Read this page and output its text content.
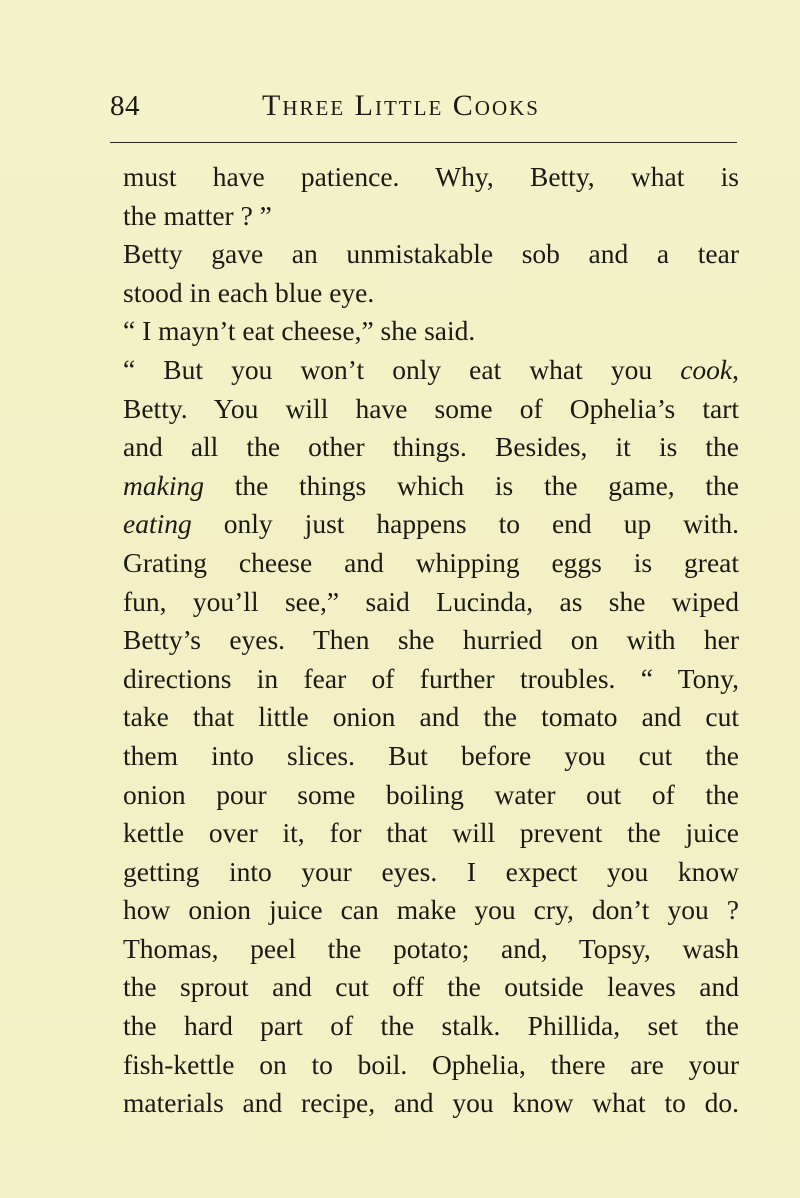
84	Three Little Cooks
must have patience. Why, Betty, what is
the matter ? ”
Betty gave an unmistakable sob and a tear
stood in each blue eye.
“ I mayn’t eat cheese,” she said.
“ But you won’t only eat what you cook,
Betty. You will have some of Ophelia’s tart
and all the other things. Besides, it is the
making the things which is the game, the
eating only just happens to end up with.
Grating cheese and whipping eggs is great
fun, you’ll see,” said Lucinda, as she wiped
Betty’s eyes. Then she hurried on with her
directions in fear of further troubles. “ Tony,
take that little onion and the tomato and cut
them into slices. But before you cut the
onion pour some boiling water out of the
kettle over it, for that will prevent the juice
getting into your eyes. I expect you know
how onion juice can make you cry, don’t you ?
Thomas, peel the potato; and, Topsy, wash
the sprout and cut off the outside leaves and
the hard part of the stalk. Phillida, set the
fish-kettle on to boil. Ophelia, there are your
materials and recipe, and you know what to do.
